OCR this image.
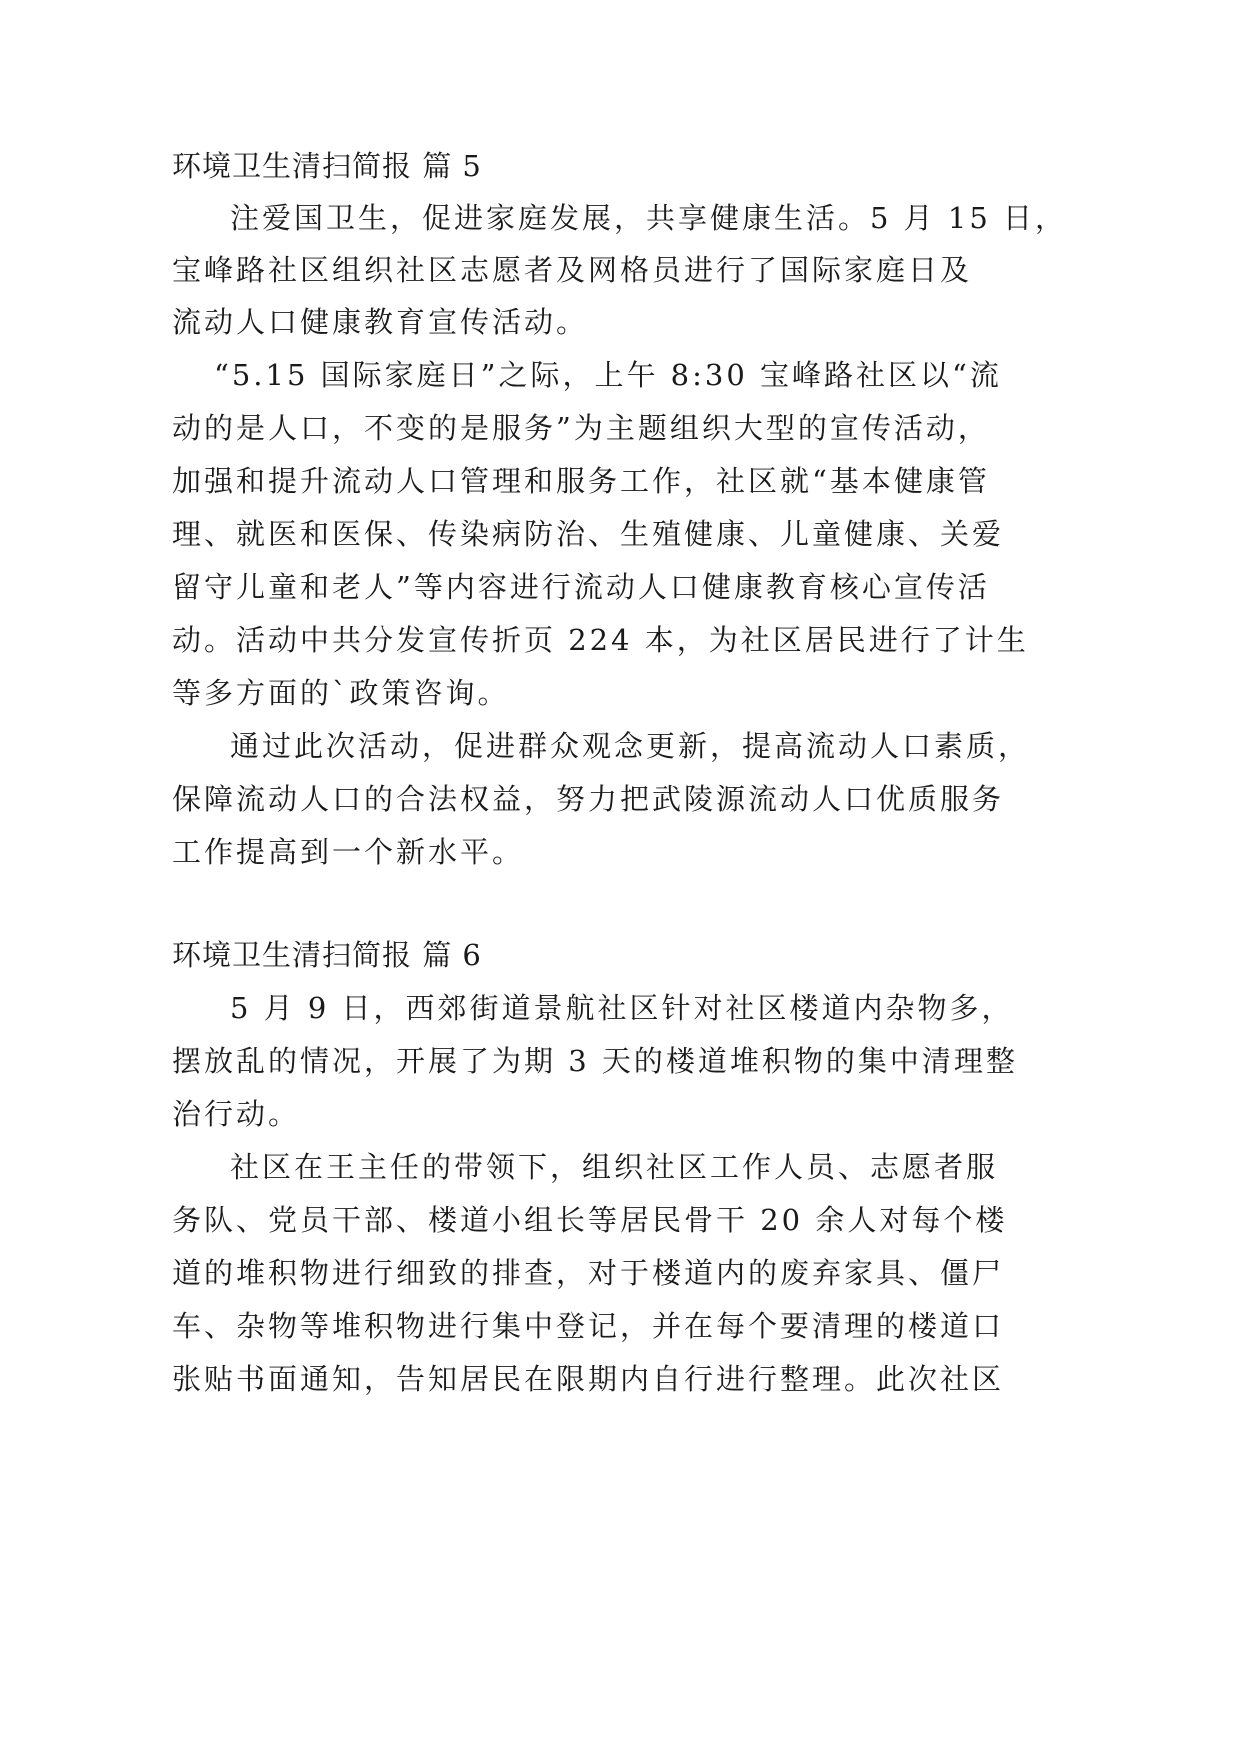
环境卫生清扫简报 篇 5
注爱国卫生，促进家庭发展，共享健康生活。5 月 15 日，
宝峰路社区组织社区志愿者及网格员进行了国际家庭日及
流动人口健康教育宣传活动。
“5.15 国际家庭日”之际，上午 8:30 宝峰路社区以“流
动的是人口，不变的是服务”为主题组织大型的宣传活动，
加强和提升流动人口管理和服务工作，社区就“基本健康管
理、就医和医保、传染病防治、生殖健康、儿童健康、关爱
留守儿童和老人”等内容进行流动人口健康教育核心宣传活
动。活动中共分发宣传折页 224 本，为社区居民进行了计生
等多方面的`政策咨询。
通过此次活动，促进群众观念更新，提高流动人口素质，
保障流动人口的合法权益，努力把武陵源流动人口优质服务
工作提高到一个新水平。
环境卫生清扫简报 篇 6
5 月 9 日，西郊街道景航社区针对社区楼道内杂物多，
摆放乱的情况，开展了为期 3 天的楼道堆积物的集中清理整
治行动。
社区在王主任的带领下，组织社区工作人员、志愿者服
务队、党员干部、楼道小组长等居民骨干 20 余人对每个楼
道的堆积物进行细致的排查，对于楼道内的废弃家具、僵尸
车、杂物等堆积物进行集中登记，并在每个要清理的楼道口
张贴书面通知，告知居民在限期内自行进行整理。此次社区
